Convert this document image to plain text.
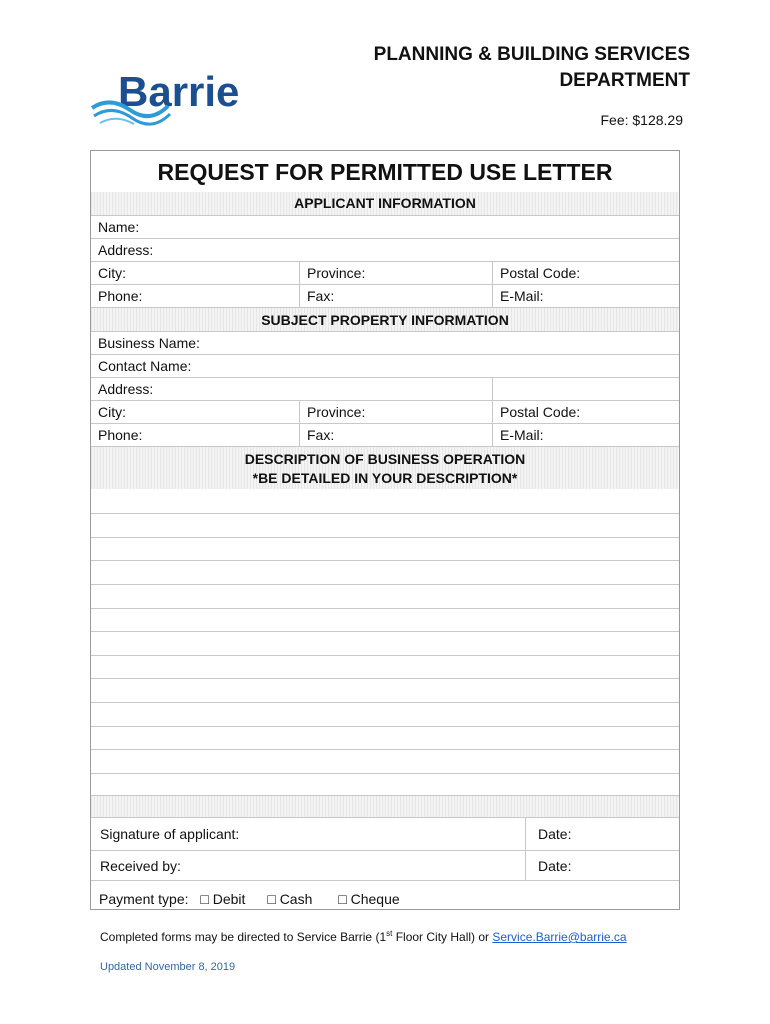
Barrie
PLANNING & BUILDING SERVICES
DEPARTMENT
Fee: $128.29
REQUEST FOR PERMITTED USE LETTER
APPLICANT INFORMATION
Name:
Address:
City:	Province:	Postal Code:
Phone:	Fax:	E-Mail:
SUBJECT PROPERTY INFORMATION
Business Name:
Contact Name:
Address:
City:	Province:	Postal Code:
Phone:	Fax:	E-Mail:
DESCRIPTION OF BUSINESS OPERATION
*BE DETAILED IN YOUR DESCRIPTION*
Signature of applicant:	Date:
Received by:	Date:
Payment type: □ Debit □ Cash □ Cheque
Completed forms may be directed to Service Barrie (1st Floor City Hall) or Service.Barrie@barrie.ca
Updated November 8, 2019
